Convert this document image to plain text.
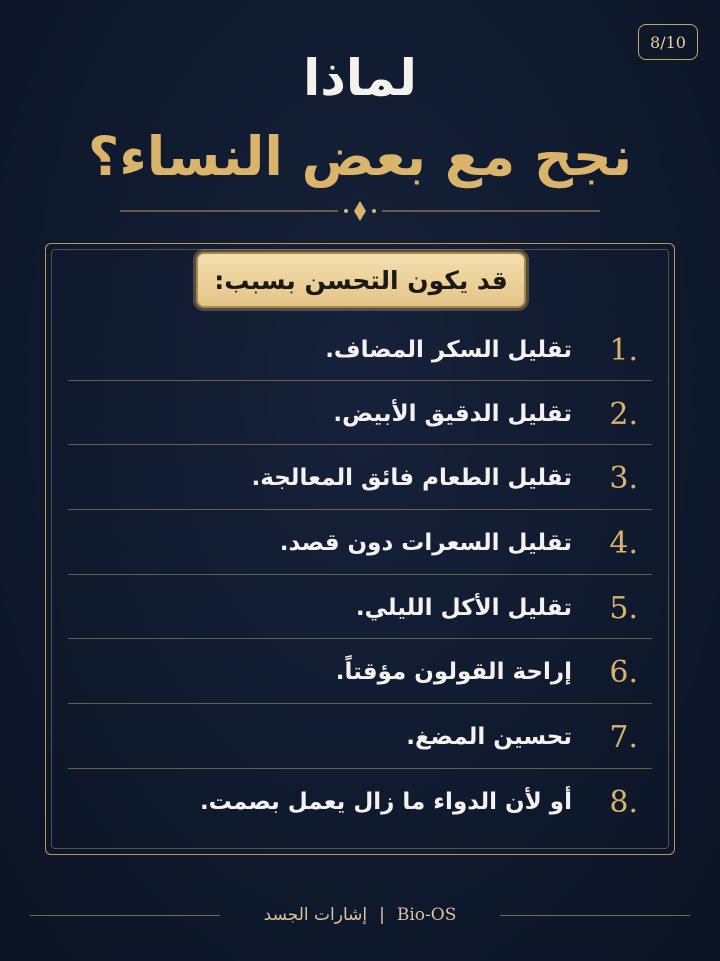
8/10
لماذا
نجح مع بعض النساء؟
قد يكون التحسن بسبب:
1.
تقليل السكر المضاف.
2.
تقليل الدقيق الأبيض.
3.
تقليل الطعام فائق المعالجة.
4.
تقليل السعرات دون قصد.
5.
تقليل الأكل الليلي.
6.
إراحة القولون مؤقتاً.
7.
تحسين المضغ.
8.
أو لأن الدواء ما زال يعمل بصمت.
إشارات الجسد | Bio-OS
